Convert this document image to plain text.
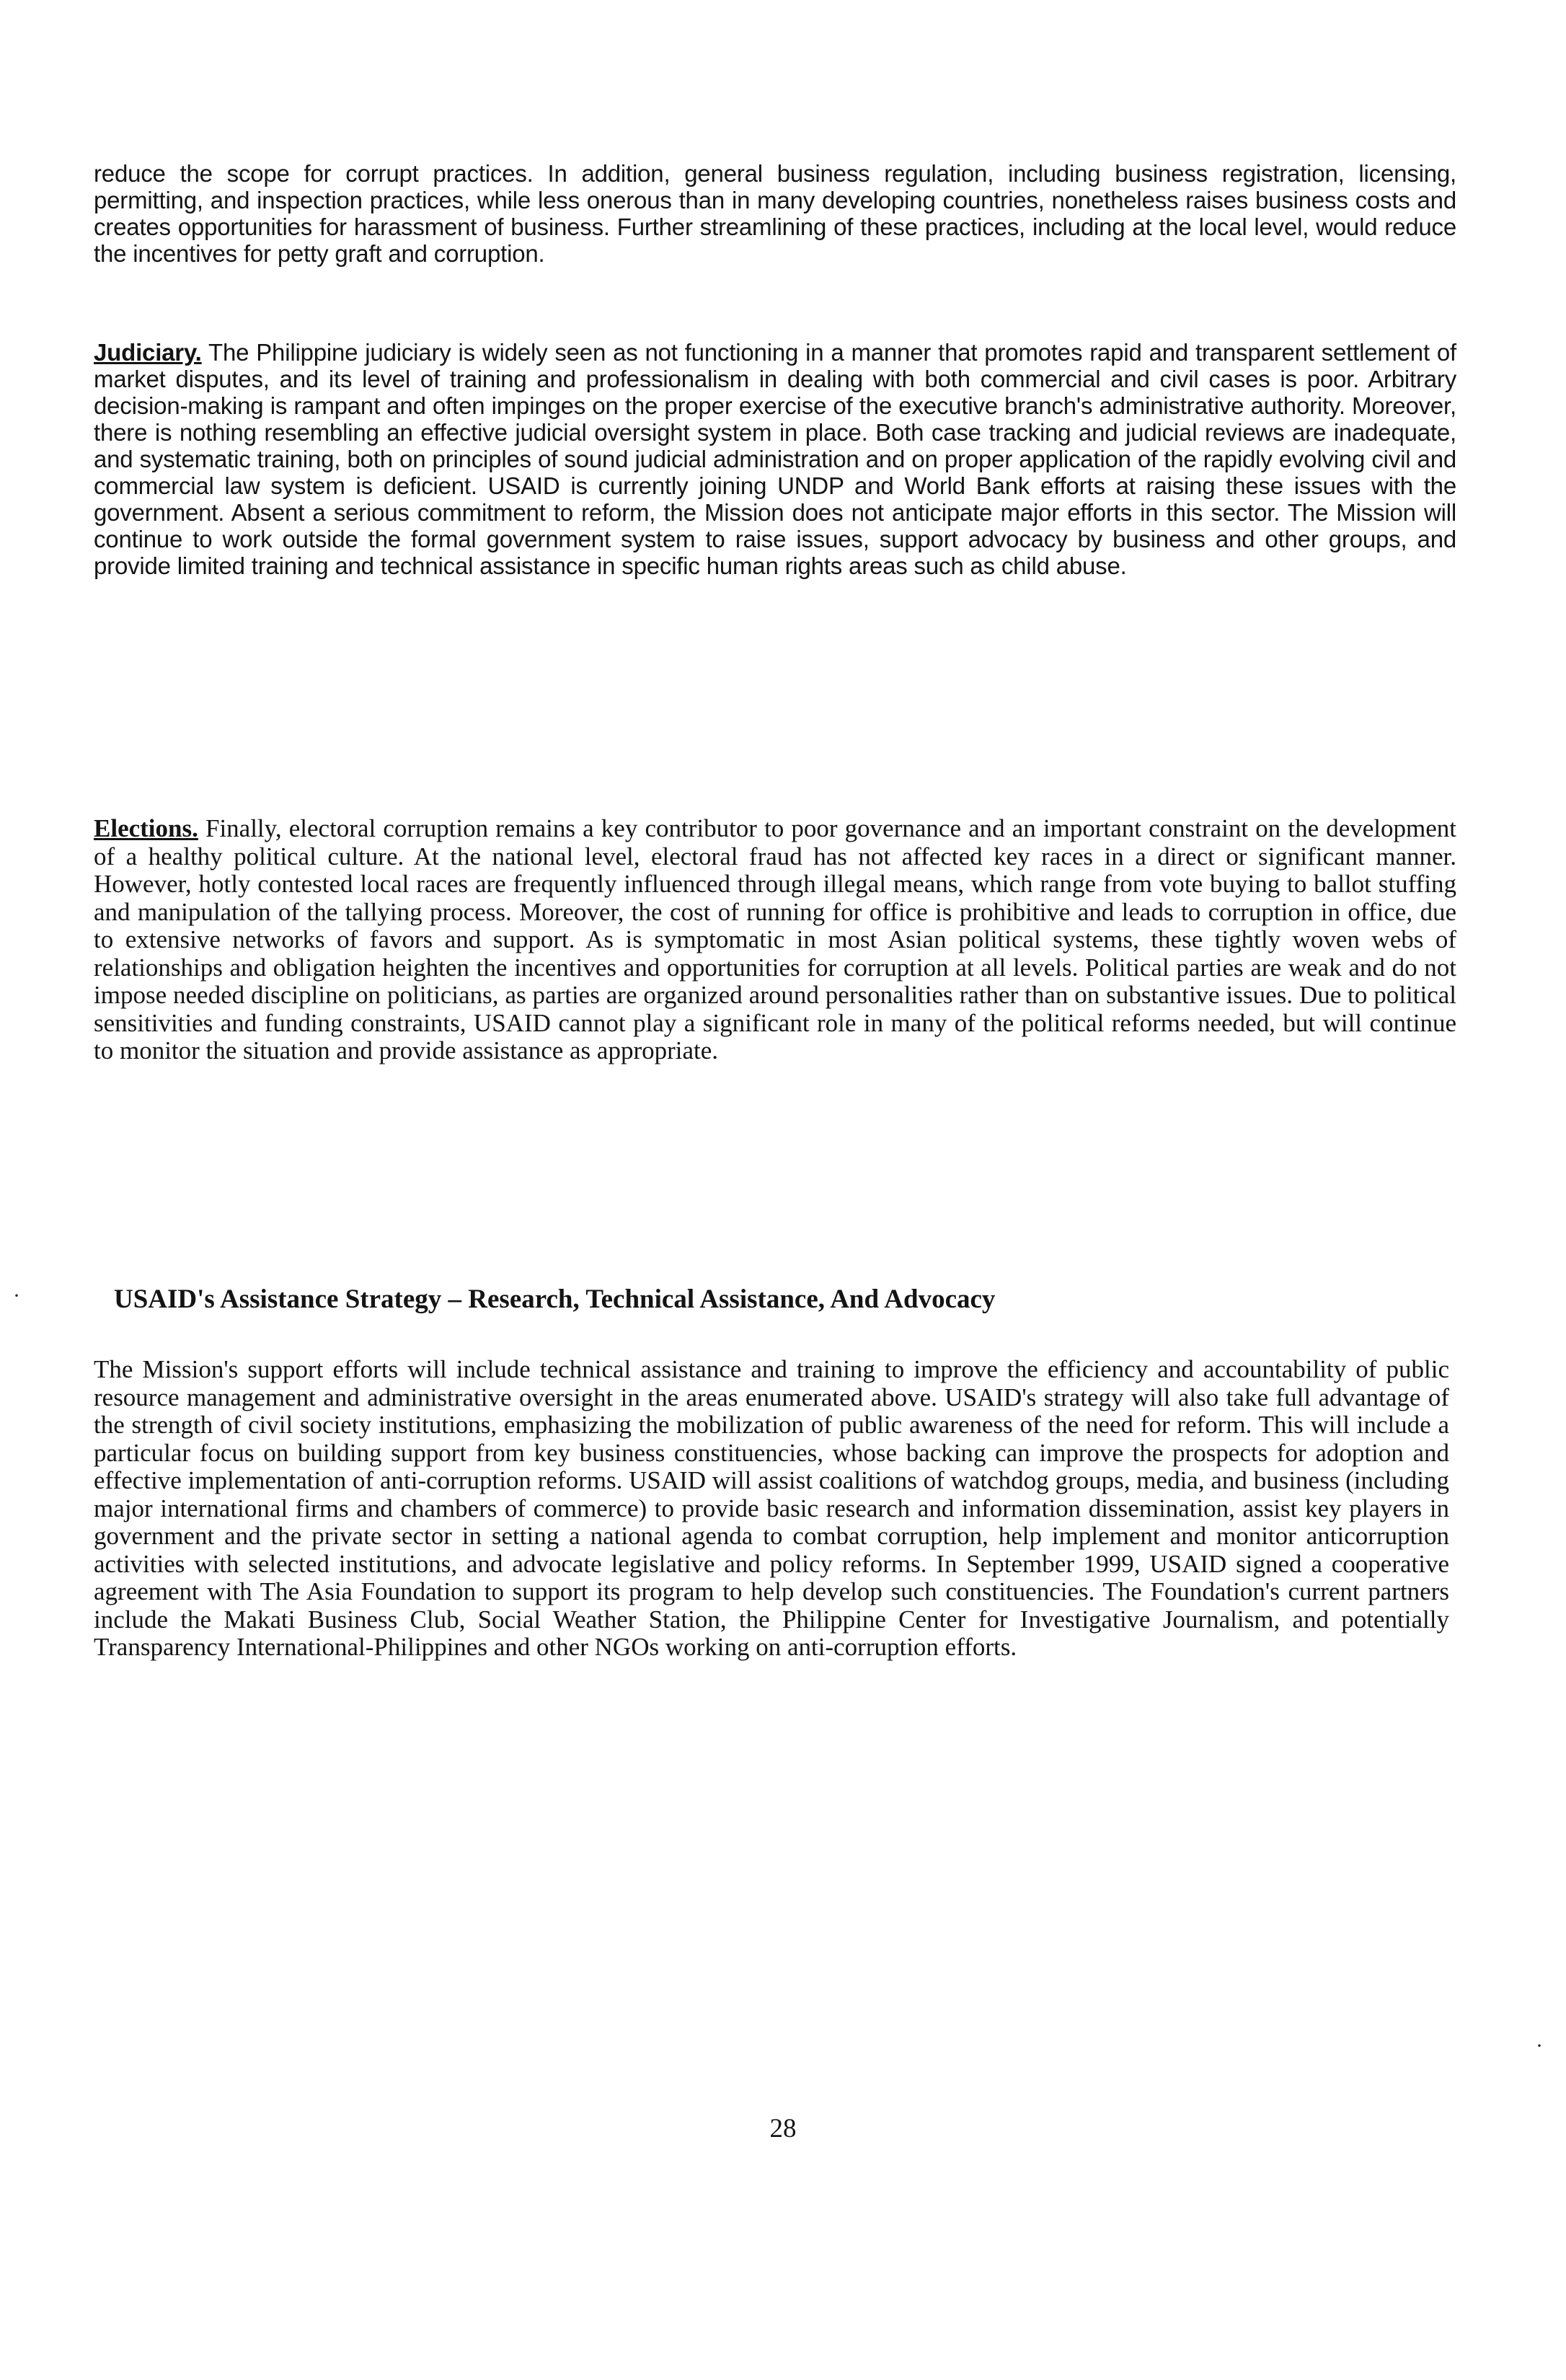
reduce the scope for corrupt practices. In addition, general business regulation, including business registration, licensing, permitting, and inspection practices, while less onerous than in many developing countries, nonetheless raises business costs and creates opportunities for harassment of business. Further streamlining of these practices, including at the local level, would reduce the incentives for petty graft and corruption.

Judiciary. The Philippine judiciary is widely seen as not functioning in a manner that promotes rapid and transparent settlement of market disputes, and its level of training and professionalism in dealing with both commercial and civil cases is poor. Arbitrary decision-making is rampant and often impinges on the proper exercise of the executive branch's administrative authority. Moreover, there is nothing resembling an effective judicial oversight system in place. Both case tracking and judicial reviews are inadequate, and systematic training, both on principles of sound judicial administration and on proper application of the rapidly evolving civil and commercial law system is deficient. USAID is currently joining UNDP and World Bank efforts at raising these issues with the government. Absent a serious commitment to reform, the Mission does not anticipate major efforts in this sector. The Mission will continue to work outside the formal government system to raise issues, support advocacy by business and other groups, and provide limited training and technical assistance in specific human rights areas such as child abuse.

Elections. Finally, electoral corruption remains a key contributor to poor governance and an important constraint on the development of a healthy political culture. At the national level, electoral fraud has not affected key races in a direct or significant manner. However, hotly contested local races are frequently influenced through illegal means, which range from vote buying to ballot stuffing and manipulation of the tallying process. Moreover, the cost of running for office is prohibitive and leads to corruption in office, due to extensive networks of favors and support. As is symptomatic in most Asian political systems, these tightly woven webs of relationships and obligation heighten the incentives and opportunities for corruption at all levels. Political parties are weak and do not impose needed discipline on politicians, as parties are organized around personalities rather than on substantive issues. Due to political sensitivities and funding constraints, USAID cannot play a significant role in many of the political reforms needed, but will continue to monitor the situation and provide assistance as appropriate.

USAID's Assistance Strategy – Research, Technical Assistance, And Advocacy

The Mission's support efforts will include technical assistance and training to improve the efficiency and accountability of public resource management and administrative oversight in the areas enumerated above. USAID's strategy will also take full advantage of the strength of civil society institutions, emphasizing the mobilization of public awareness of the need for reform. This will include a particular focus on building support from key business constituencies, whose backing can improve the prospects for adoption and effective implementation of anti-corruption reforms. USAID will assist coalitions of watchdog groups, media, and business (including major international firms and chambers of commerce) to provide basic research and information dissemination, assist key players in government and the private sector in setting a national agenda to combat corruption, help implement and monitor anticorruption activities with selected institutions, and advocate legislative and policy reforms. In September 1999, USAID signed a cooperative agreement with The Asia Foundation to support its program to help develop such constituencies. The Foundation's current partners include the Makati Business Club, Social Weather Station, the Philippine Center for Investigative Journalism, and potentially Transparency International-Philippines and other NGOs working on anti-corruption efforts.

28
·
·
